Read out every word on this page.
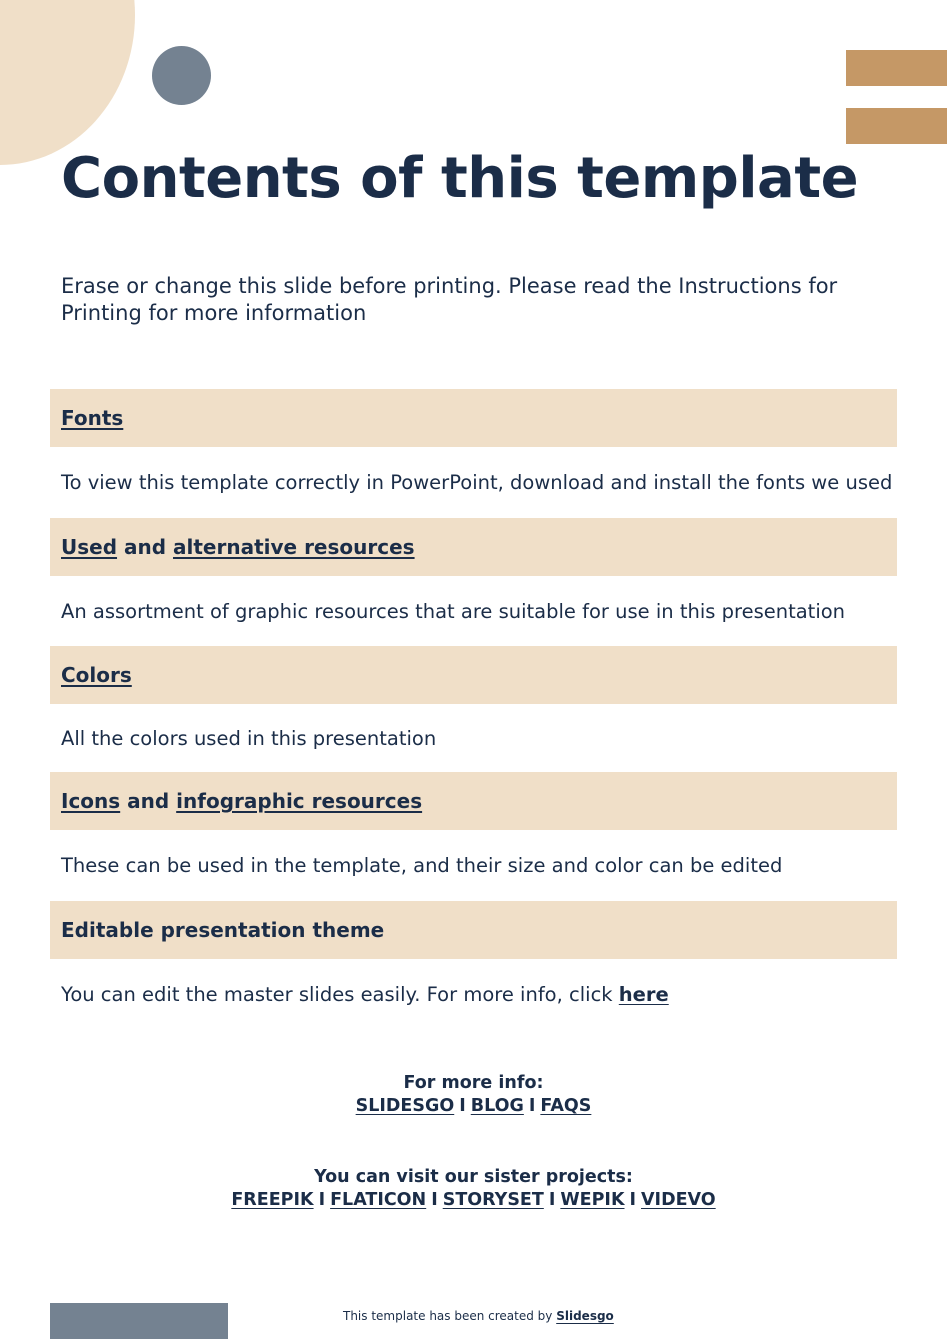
Contents of this template

Erase or change this slide before printing. Please read the Instructions for Printing for more information

Fonts
To view this template correctly in PowerPoint, download and install the fonts we used
Used and alternative resources
An assortment of graphic resources that are suitable for use in this presentation
Colors
All the colors used in this presentation
Icons and infographic resources
These can be used in the template, and their size and color can be edited
Editable presentation theme
You can edit the master slides easily. For more info, click here
For more info:
SLIDESGO I BLOG I FAQS
You can visit our sister projects:
FREEPIK I FLATICON I STORYSET I WEPIK I VIDEVO
This template has been created by Slidesgo
